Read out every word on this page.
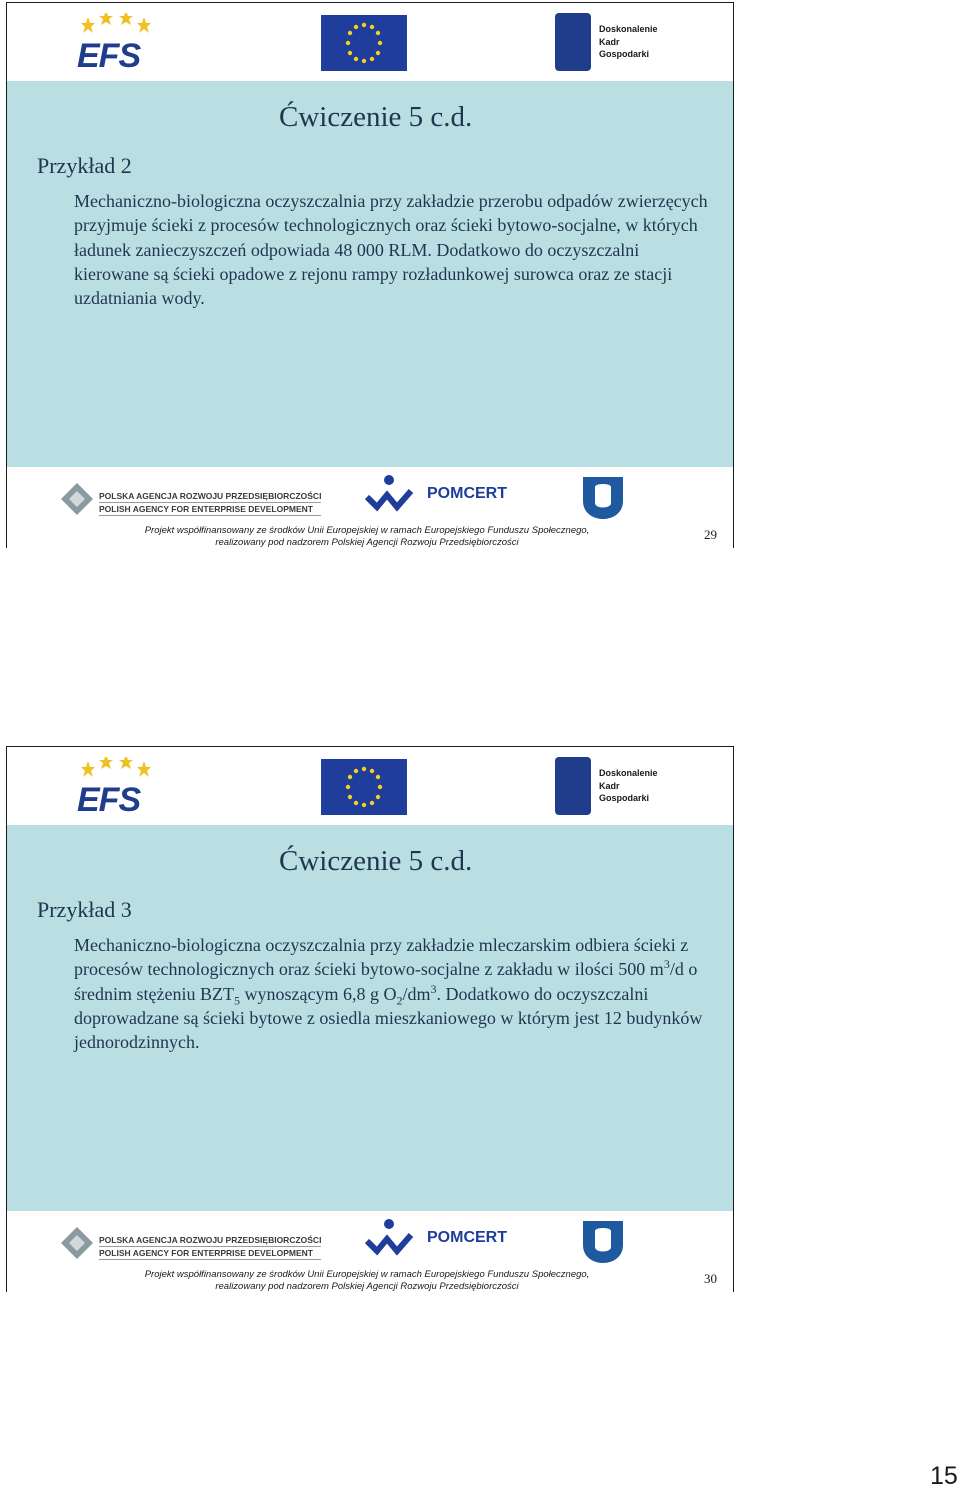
EFS
Doskonalenie
Kadr
Gospodarki
Ćwiczenie 5 c.d.
Przykład 2

Mechaniczno-biologiczna oczyszczalnia przy zakładzie przerobu odpadów zwierzęcych przyjmuje ścieki z procesów technologicznych oraz ścieki bytowo-socjalne, w których ładunek zanieczyszczeń odpowiada 48 000 RLM. Dodatkowo do oczyszczalni kierowane są ścieki opadowe z rejonu rampy rozładunkowej surowca oraz ze stacji uzdatniania wody.

POLSKA AGENCJA ROZWOJU PRZEDSIĘBIORCZOŚCI
POLISH AGENCY FOR ENTERPRISE DEVELOPMENT
POMCERT
Projekt współfinansowany ze środków Unii Europejskiej w ramach Europejskiego Funduszu Społecznego,
realizowany pod nadzorem Polskiej Agencji Rozwoju Przedsiębiorczości	29
EFS
Doskonalenie
Kadr
Gospodarki
Ćwiczenie 5 c.d.
Przykład 3

Mechaniczno-biologiczna oczyszczalnia przy zakładzie mleczarskim odbiera ścieki z procesów technologicznych oraz ścieki bytowo-socjalne z zakładu w ilości 500 $m^3/d$ o średnim stężeniu $BZT_5$ wynoszącym 6,8 g $O_2/dm^3$. Dodatkowo do oczyszczalni doprowadzane są ścieki bytowe z osiedla mieszkaniowego w którym jest 12 budynków jednorodzinnych.

POLSKA AGENCJA ROZWOJU PRZEDSIĘBIORCZOŚCI
POLISH AGENCY FOR ENTERPRISE DEVELOPMENT
POMCERT
Projekt współfinansowany ze środków Unii Europejskiej w ramach Europejskiego Funduszu Społecznego,
realizowany pod nadzorem Polskiej Agencji Rozwoju Przedsiębiorczości	30
15
